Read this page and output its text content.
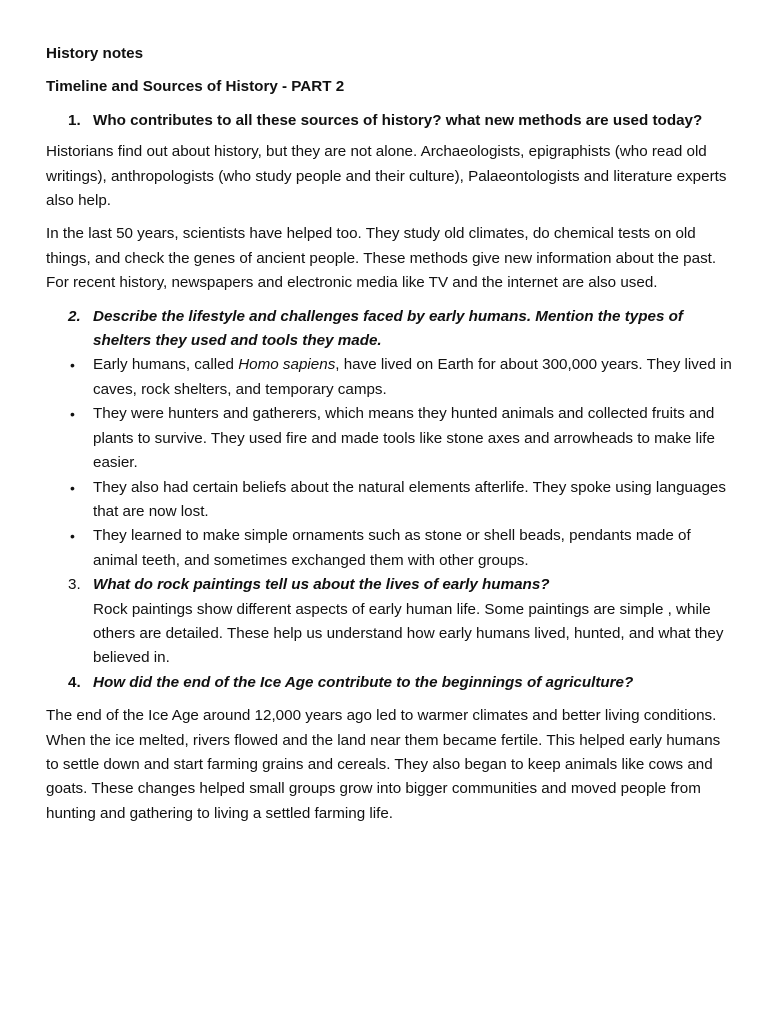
History notes
Timeline and Sources of History - PART 2
1. Who contributes to all these sources of history? what new methods are used today?

Historians find out about history, but they are not alone. Archaeologists, epigraphists (who read old writings), anthropologists (who study people and their culture), Palaeontologists and literature experts also help.

In the last 50 years, scientists have helped too. They study old climates, do chemical tests on old things, and check the genes of ancient people. These methods give new information about the past. For recent history, newspapers and electronic media like TV and the internet are also used.

2. Describe the lifestyle and challenges faced by early humans. Mention the types of shelters they used and tools they made.
•	Early humans, called Homo sapiens, have lived on Earth for about 300,000 years. They lived in caves, rock shelters, and temporary camps.
•	They were hunters and gatherers, which means they hunted animals and collected fruits and plants to survive. They used fire and made tools like stone axes and arrowheads to make life easier.
•	They also had certain beliefs about the natural elements afterlife. They spoke using languages that are now lost.
•	They learned to make simple ornaments such as stone or shell beads, pendants made of animal teeth, and sometimes exchanged them with other groups.
3. What do rock paintings tell us about the lives of early humans?
Rock paintings show different aspects of early human life. Some paintings are simple , while others are detailed. These help us understand how early humans lived, hunted, and what they believed in.
4. How did the end of the Ice Age contribute to the beginnings of agriculture?

The end of the Ice Age around 12,000 years ago led to warmer climates and better living conditions. When the ice melted, rivers flowed and the land near them became fertile. This helped early humans to settle down and start farming grains and cereals. They also began to keep animals like cows and goats. These changes helped small groups grow into bigger communities and moved people from hunting and gathering to living a settled farming life.
